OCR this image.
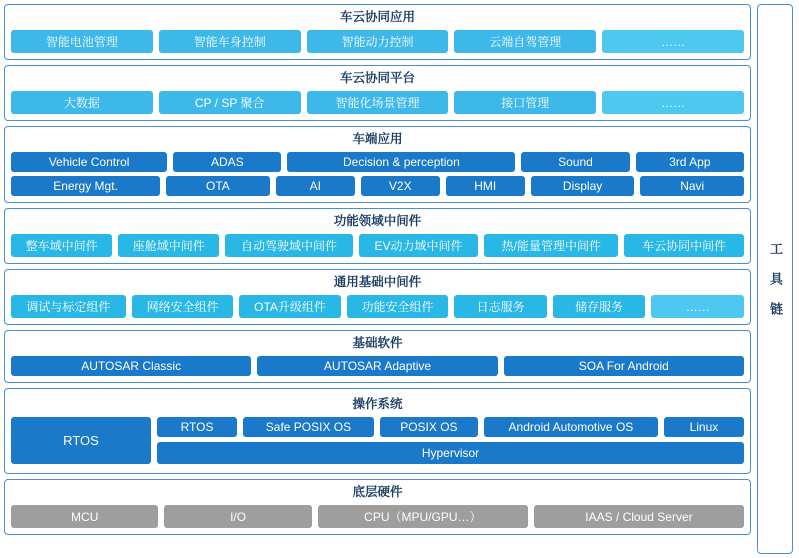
车云协同应用
智能电池管理	智能车身控制	智能动力控制	云端自驾管理	……
车云协同平台
大数据	CP / SP 聚合	智能化场景管理	接口管理	……
车端应用
Vehicle Control	ADAS	Decision & perception	Sound	3rd App
Energy Mgt.	OTA	AI	V2X	HMI	Display	Navi
功能领域中间件
整车域中间件	座舱域中间件	自动驾驶域中间件	EV动力域中间件	热/能量管理中间件	车云协同中间件
通用基础中间件
调试与标定组件	网络安全组件	OTA升级组件	功能安全组件	日志服务	储存服务	……
基础软件
AUTOSAR Classic	AUTOSAR Adaptive	SOA For Android
操作系统
RTOS
RTOS	Safe POSIX OS	POSIX OS	Android Automotive OS	Linux
Hypervisor
底层硬件
MCU	I/O	CPU（MPU/GPU…）	IAAS / Cloud Server
工 具 链
